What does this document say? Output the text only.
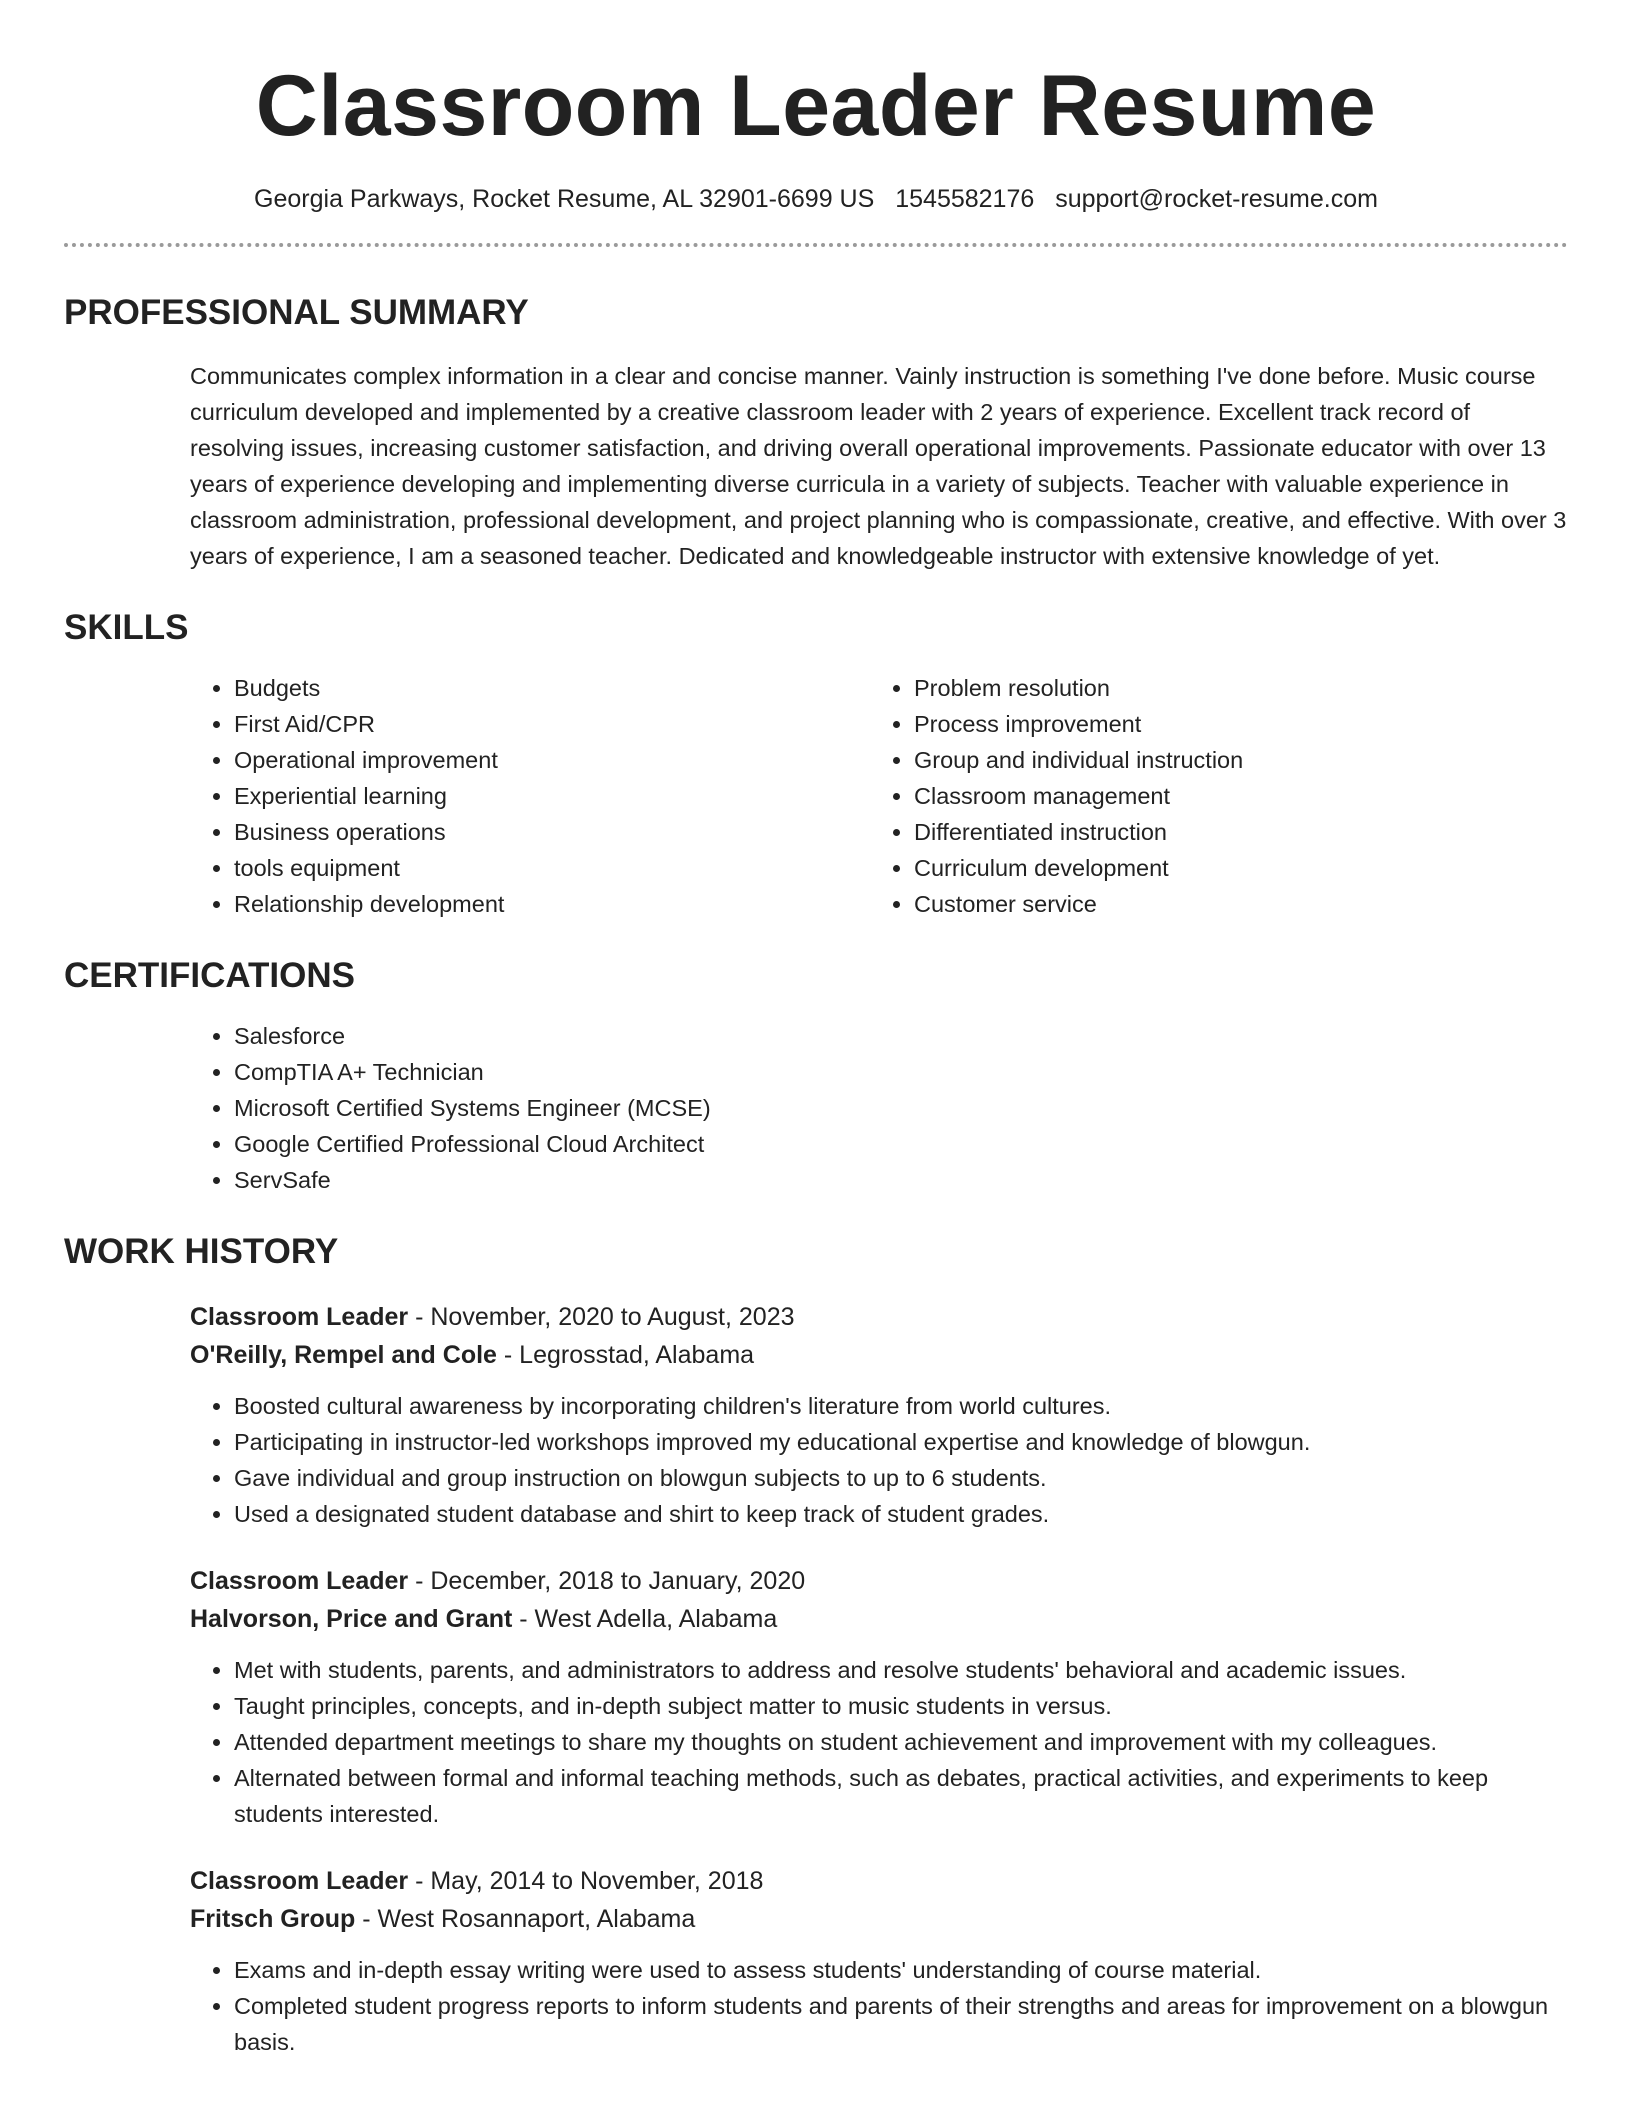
Classroom Leader Resume
Georgia Parkways, Rocket Resume, AL 32901-6699 US 1545582176 support@rocket-resume.com
PROFESSIONAL SUMMARY
Communicates complex information in a clear and concise manner. Vainly instruction is something I've done before. Music course curriculum developed and implemented by a creative classroom leader with 2 years of experience. Excellent track record of resolving issues, increasing customer satisfaction, and driving overall operational improvements. Passionate educator with over 13 years of experience developing and implementing diverse curricula in a variety of subjects. Teacher with valuable experience in classroom administration, professional development, and project planning who is compassionate, creative, and effective. With over 3 years of experience, I am a seasoned teacher. Dedicated and knowledgeable instructor with extensive knowledge of yet.
SKILLS
• Budgets
• First Aid/CPR
• Operational improvement
• Experiential learning
• Business operations
• tools equipment
• Relationship development
• Problem resolution
• Process improvement
• Group and individual instruction
• Classroom management
• Differentiated instruction
• Curriculum development
• Customer service
CERTIFICATIONS
• Salesforce
• CompTIA A+ Technician
• Microsoft Certified Systems Engineer (MCSE)
• Google Certified Professional Cloud Architect
• ServSafe
WORK HISTORY
Classroom Leader - November, 2020 to August, 2023
O'Reilly, Rempel and Cole - Legrosstad, Alabama
• Boosted cultural awareness by incorporating children's literature from world cultures.
• Participating in instructor-led workshops improved my educational expertise and knowledge of blowgun.
• Gave individual and group instruction on blowgun subjects to up to 6 students.
• Used a designated student database and shirt to keep track of student grades.
Classroom Leader - December, 2018 to January, 2020
Halvorson, Price and Grant - West Adella, Alabama
• Met with students, parents, and administrators to address and resolve students' behavioral and academic issues.
• Taught principles, concepts, and in-depth subject matter to music students in versus.
• Attended department meetings to share my thoughts on student achievement and improvement with my colleagues.
• Alternated between formal and informal teaching methods, such as debates, practical activities, and experiments to keep students interested.
Classroom Leader - May, 2014 to November, 2018
Fritsch Group - West Rosannaport, Alabama
• Exams and in-depth essay writing were used to assess students' understanding of course material.
• Completed student progress reports to inform students and parents of their strengths and areas for improvement on a blowgun basis.
